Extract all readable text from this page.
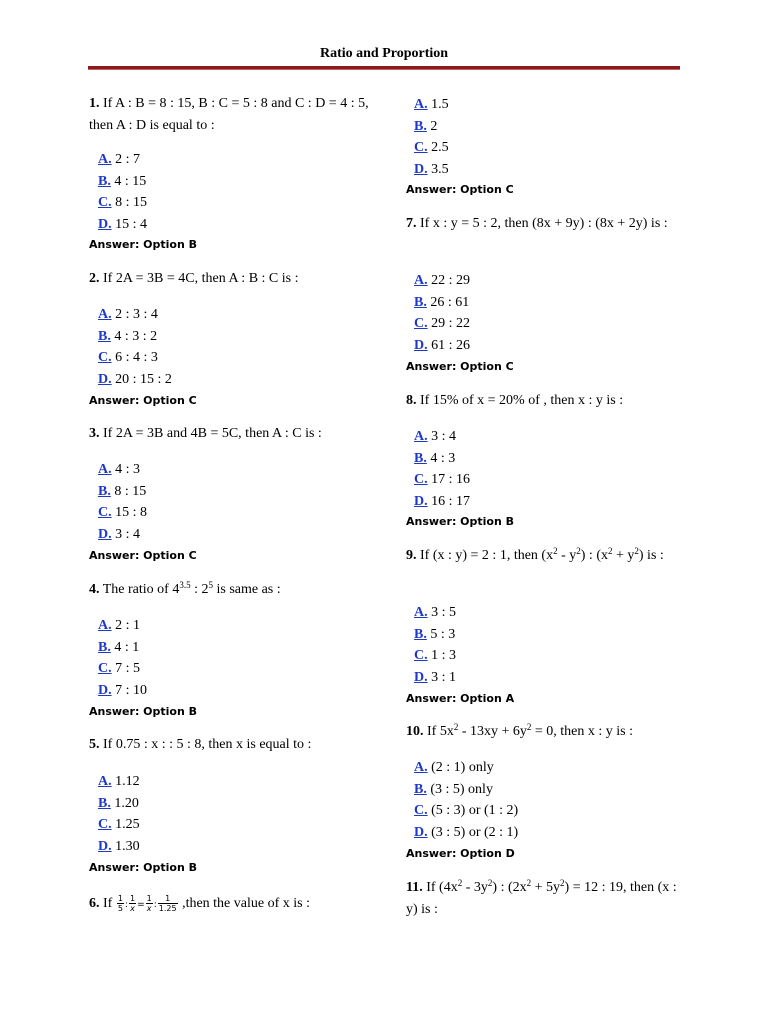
Ratio and Proportion
1. If A : B = 8 : 15, B : C = 5 : 8 and C : D = 4 : 5, then A : D is equal to :
A. 2 : 7
B. 4 : 15
C. 8 : 15
D. 15 : 4
Answer: Option B
2. If 2A = 3B = 4C, then A : B : C is :
A. 2 : 3 : 4
B. 4 : 3 : 2
C. 6 : 4 : 3
D. 20 : 15 : 2
Answer: Option C
3. If 2A = 3B and 4B = 5C, then A : C is :
A. 4 : 3
B. 8 : 15
C. 15 : 8
D. 3 : 4
Answer: Option C
4. The ratio of $4^{3.5}$ : $2^5$ is same as :
A. 2 : 1
B. 4 : 1
C. 7 : 5
D. 7 : 10
Answer: Option B
5. If 0.75 : x : : 5 : 8, then x is equal to :
A. 1.12
B. 1.20
C. 1.25
D. 1.30
Answer: Option B
6. If $\frac{1}{5}$ : $\frac{1}{x} = \frac{1}{x}$ : $\frac{1}{1.25}$ ,then the value of x is :
A. 1.5
B. 2
C. 2.5
D. 3.5
Answer: Option C
7. If x : y = 5 : 2, then (8x + 9y) : (8x + 2y) is :
A. 22 : 29
B. 26 : 61
C. 29 : 22
D. 61 : 26
Answer: Option C
8. If 15% of x = 20% of , then x : y is :
A. 3 : 4
B. 4 : 3
C. 17 : 16
D. 16 : 17
Answer: Option B
9. If (x : y) = 2 : 1, then $(x^2 - y^2)$ : $(x^2 + y^2)$ is :
A. 3 : 5
B. 5 : 3
C. 1 : 3
D. 3 : 1
Answer: Option A
10. If $5x^2 - 13xy + 6y^2 = 0$, then x : y is :
A. (2 : 1) only
B. (3 : 5) only
C. (5 : 3) or (1 : 2)
D. (3 : 5) or (2 : 1)
Answer: Option D
11. If $(4x^2 - 3y^2)$ : $(2x^2 + 5y^2) = 12$ : 19, then (x : y) is :
